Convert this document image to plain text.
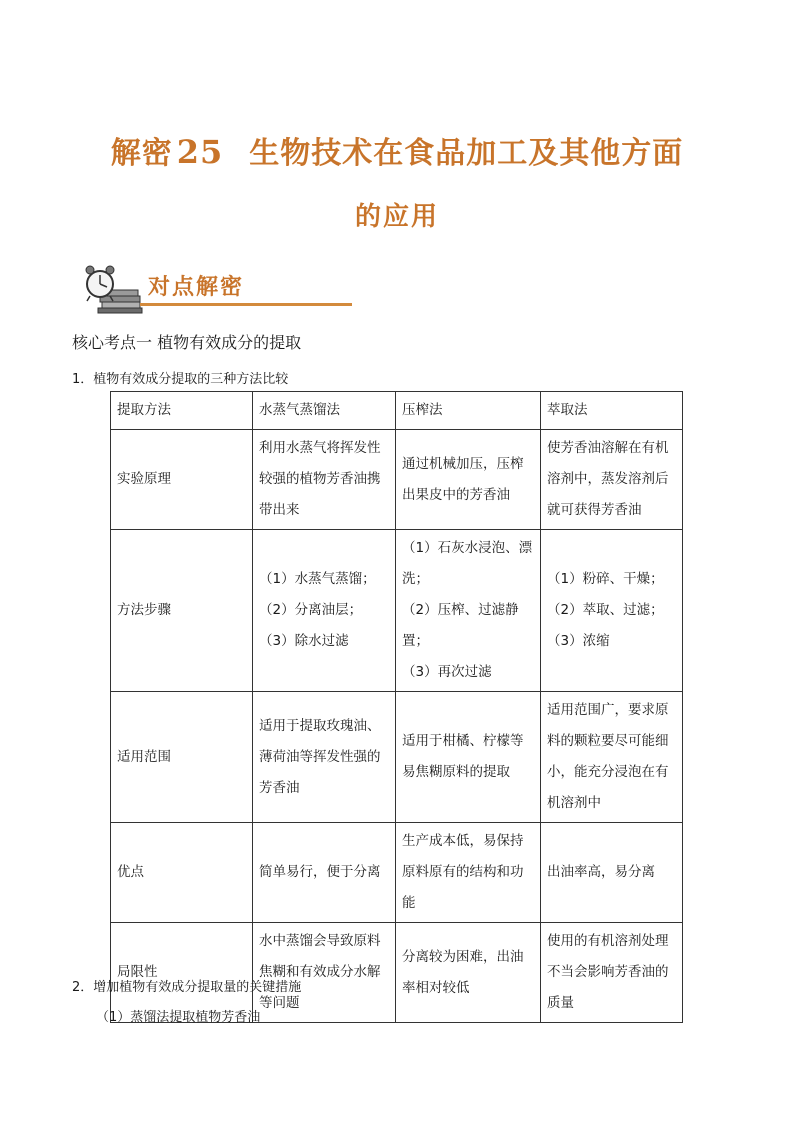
解密 25 生物技术在食品加工及其他方面
的应用
对点解密
核心考点一 植物有效成分的提取
1．植物有效成分提取的三种方法比较
提取方法	水蒸气蒸馏法	压榨法	萃取法
实验原理	利用水蒸气将挥发性
较强的植物芳香油携
带出来	通过机械加压，压榨
出果皮中的芳香油	使芳香油溶解在有机
溶剂中，蒸发溶剂后
就可获得芳香油

方法步骤	（1）水蒸气蒸馏；
（2）分离油层；
（3）除水过滤	（1）石灰水浸泡、漂
洗；
（2）压榨、过滤静置；
（3）再次过滤	（1）粉碎、干燥；
（2）萃取、过滤；
（3）浓缩

适用范围	适用于提取玫瑰油、
薄荷油等挥发性强的
芳香油	适用于柑橘、柠檬等
易焦糊原料的提取	适用范围广，要求原
料的颗粒要尽可能细
小，能充分浸泡在有
机溶剂中

优点	简单易行，便于分离	生产成本低，易保持
原料原有的结构和功
能	出油率高，易分离

局限性	水中蒸馏会导致原料
焦糊和有效成分水解
等问题	分离较为困难，出油
率相对较低	使用的有机溶剂处理
不当会影响芳香油的
质量
2．增加植物有效成分提取量的关键措施
（1）蒸馏法提取植物芳香油
